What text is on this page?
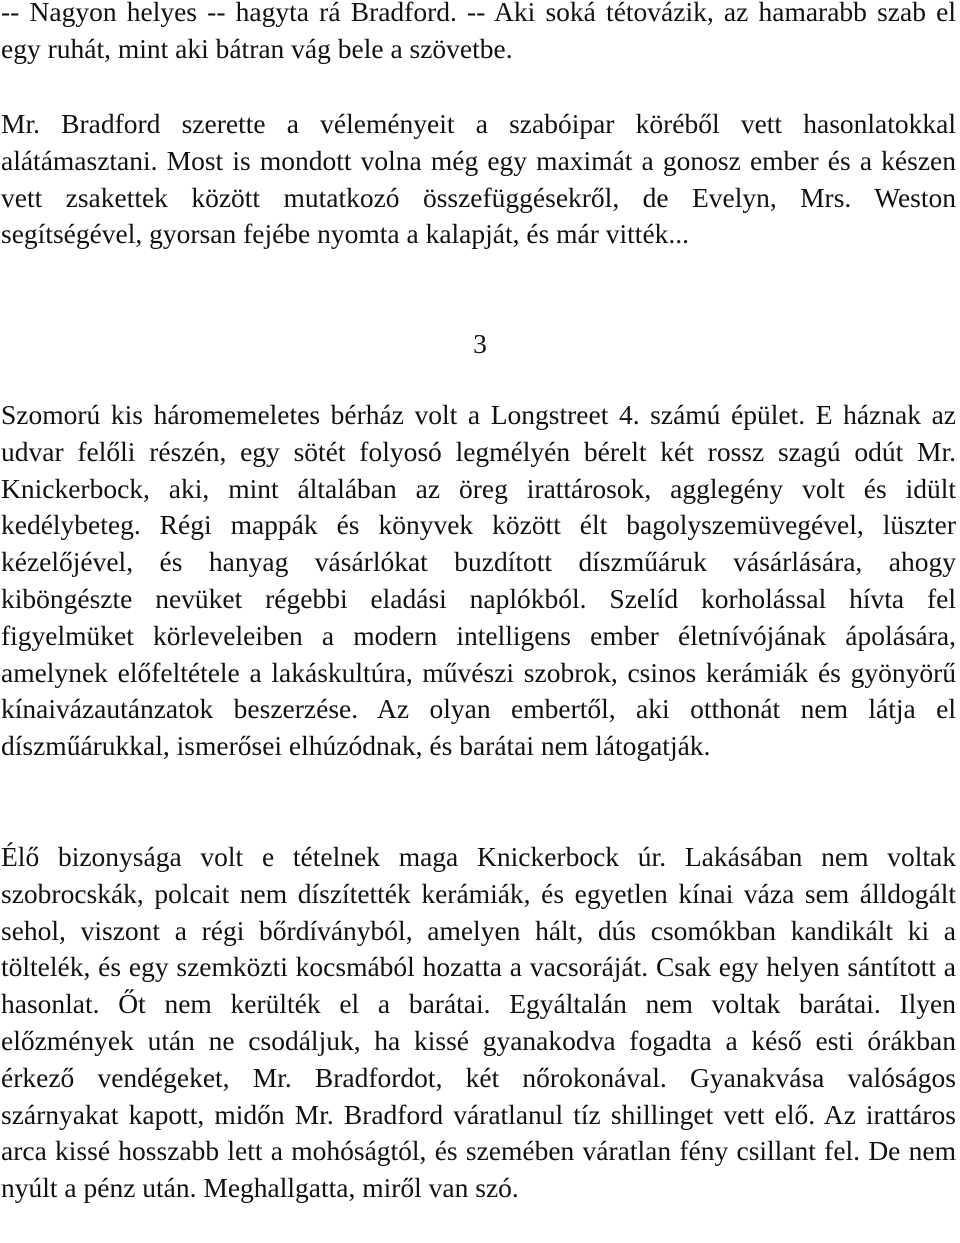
-- Nagyon helyes -- hagyta rá Bradford. -- Aki soká tétovázik, az hamarabb szab el egy ruhát, mint aki bátran vág bele a szövetbe.

Mr. Bradford szerette a véleményeit a szabóipar köréből vett hasonlatokkal alátámasztani. Most is mondott volna még egy maximát a gonosz ember és a készen vett zsakettek között mutatkozó összefüggésekről, de Evelyn, Mrs. Weston segítségével, gyorsan fejébe nyomta a kalapját, és már vitték...

3

Szomorú kis háromemeletes bérház volt a Longstreet 4. számú épület. E háznak az udvar felőli részén, egy sötét folyosó legmélyén bérelt két rossz szagú odút Mr. Knickerbock, aki, mint általában az öreg irattárosok, agglegény volt és idült kedélybeteg. Régi mappák és könyvek között élt bagolyszemüvegével, lüszter kézelőjével, és hanyag vásárlókat buzdított díszműáruk vásárlására, ahogy kiböngészte nevüket régebbi eladási naplókból. Szelíd korholással hívta fel figyelmüket körleveleiben a modern intelligens ember életnívójának ápolására, amelynek előfeltétele a lakáskultúra, művészi szobrok, csinos kerámiák és gyönyörű kínaivázautánzatok beszerzése. Az olyan embertől, aki otthonát nem látja el díszműárukkal, ismerősei elhúzódnak, és barátai nem látogatják.

Élő bizonysága volt e tételnek maga Knickerbock úr. Lakásában nem voltak szobrocskák, polcait nem díszítették kerámiák, és egyetlen kínai váza sem álldogált sehol, viszont a régi bőrdíványból, amelyen hált, dús csomókban kandikált ki a töltelék, és egy szemközti kocsmából hozatta a vacsoráját. Csak egy helyen sántított a hasonlat. Őt nem kerülték el a barátai. Egyáltalán nem voltak barátai. Ilyen előzmények után ne csodáljuk, ha kissé gyanakodva fogadta a késő esti órákban érkező vendégeket, Mr. Bradfordot, két nőrokonával. Gyanakvása valóságos szárnyakat kapott, midőn Mr. Bradford váratlanul tíz shillinget vett elő. Az irattáros arca kissé hosszabb lett a mohóságtól, és szemében váratlan fény csillant fel. De nem nyúlt a pénz után. Meghallgatta, miről van szó.
